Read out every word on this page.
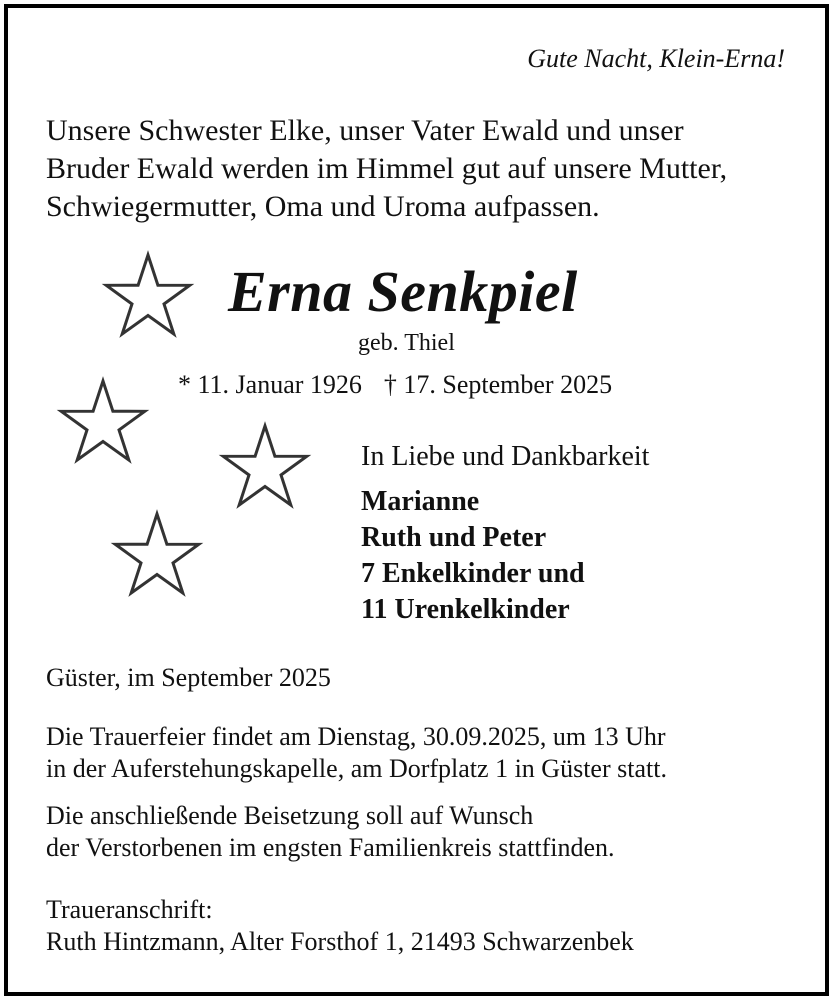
Gute Nacht, Klein-Erna!
Unsere Schwester Elke, unser Vater Ewald und unser
Bruder Ewald werden im Himmel gut auf unsere Mutter,
Schwiegermutter, Oma und Uroma aufpassen.
Erna Senkpiel
geb. Thiel
* 11. Januar 1926 † 17. September 2025
In Liebe und Dankbarkeit
Marianne
Ruth und Peter
7 Enkelkinder und
11 Urenkelkinder
Güster, im September 2025
Die Trauerfeier findet am Dienstag, 30.09.2025, um 13 Uhr
in der Auferstehungskapelle, am Dorfplatz 1 in Güster statt.
Die anschließende Beisetzung soll auf Wunsch
der Verstorbenen im engsten Familienkreis stattfinden.
Traueranschrift:
Ruth Hintzmann, Alter Forsthof 1, 21493 Schwarzenbek
